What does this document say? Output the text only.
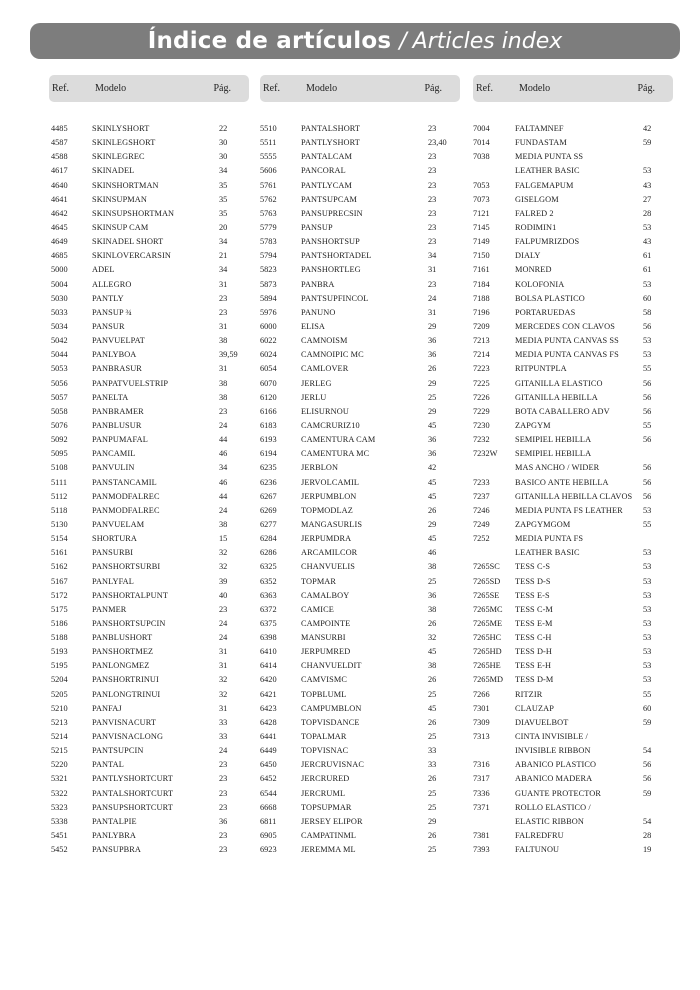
Índice de artículos / Articles index
Ref.	Modelo	Pág.
4485	SKINLYSHORT	22
4587	SKINLEGSHORT	30
4588	SKINLEGREC	30
4617	SKINADEL	34
4640	SKINSHORTMAN	35
4641	SKINSUPMAN	35
4642	SKINSUPSHORTMAN	35
4645	SKINSUP CAM	20
4649	SKINADEL SHORT	34
4685	SKINLOVERCARSIN	21
5000	ADEL	34
5004	ALLEGRO	31
5030	PANTLY	23
5033	PANSUP ¾	23
5034	PANSUR	31
5042	PANVUELPAT	38
5044	PANLYBOA	39,59
5053	PANBRASUR	31
5056	PANPATVUELSTRIP	38
5057	PANELTA	38
5058	PANBRAMER	23
5076	PANBLUSUR	24
5092	PANPUMAFAL	44
5095	PANCAMIL	46
5108	PANVULIN	34
5111	PANSTANCAMIL	46
5112	PANMODFALREC	44
5118	PANMODFALREC	24
5130	PANVUELAM	38
5154	SHORTURA	15
5161	PANSURBI	32
5162	PANSHORTSURBI	32
5167	PANLYFAL	39
5172	PANSHORTALPUNT	40
5175	PANMER	23
5186	PANSHORTSUPCIN	24
5188	PANBLUSHORT	24
5193	PANSHORTMEZ	31
5195	PANLONGMEZ	31
5204	PANSHORTRINUI	32
5205	PANLONGTRINUI	32
5210	PANFAJ	31
5213	PANVISNACURT	33
5214	PANVISNACLONG	33
5215	PANTSUPCIN	24
5220	PANTAL	23
5321	PANTLYSHORTCURT	23
5322	PANTALSHORTCURT	23
5323	PANSUPSHORTCURT	23
5338	PANTALPIE	36
5451	PANLYBRA	23
5452	PANSUPBRA	23
Ref.	Modelo	Pág.
5510	PANTALSHORT	23
5511	PANTLYSHORT	23,40
5555	PANTALCAM	23
5606	PANCORAL	23
5761	PANTLYCAM	23
5762	PANTSUPCAM	23
5763	PANSUPRECSIN	23
5779	PANSUP	23
5783	PANSHORTSUP	23
5794	PANTSHORTADEL	34
5823	PANSHORTLEG	31
5873	PANBRA	23
5894	PANTSUPFINCOL	24
5976	PANUNO	31
6000	ELISA	29
6022	CAMNOISM	36
6024	CAMNOIPIC MC	36
6054	CAMLOVER	26
6070	JERLEG	29
6120	JERLU	25
6166	ELISURNOU	29
6183	CAMCRURIZ10	45
6193	CAMENTURA CAM	36
6194	CAMENTURA MC	36
6235	JERBLON	42
6236	JERVOLCAMIL	45
6267	JERPUMBLON	45
6269	TOPMODLAZ	26
6277	MANGASURLIS	29
6284	JERPUMDRA	45
6286	ARCAMILCOR	46
6325	CHANVUELIS	38
6352	TOPMAR	25
6363	CAMALBOY	36
6372	CAMICE	38
6375	CAMPOINTE	26
6398	MANSURBI	32
6410	JERPUMRED	45
6414	CHANVUELDIT	38
6420	CAMVISMC	26
6421	TOPBLUML	25
6423	CAMPUMBLON	45
6428	TOPVISDANCE	26
6441	TOPALMAR	25
6449	TOPVISNAC	33
6450	JERCRUVISNAC	33
6452	JERCRURED	26
6544	JERCRUML	25
6668	TOPSUPMAR	25
6811	JERSEY ELIPOR	29
6905	CAMPATINML	26
6923	JEREMMA ML	25
Ref.	Modelo	Pág.
7004	FALTAMNEF	42
7014	FUNDASTAM	59
7038	MEDIA PUNTA SS
LEATHER BASIC	53
7053	FALGEMAPUM	43
7073	GISELGOM	27
7121	FALRED 2	28
7145	RODIMIN1	53
7149	FALPUMRIZDOS	43
7150	DIALY	61
7161	MONRED	61
7184	KOLOFONIA	53
7188	BOLSA PLASTICO	60
7196	PORTARUEDAS	58
7209	MERCEDES CON CLAVOS	56
7213	MEDIA PUNTA CANVAS SS	53
7214	MEDIA PUNTA CANVAS FS	53
7223	RITPUNTPLA	55
7225	GITANILLA ELASTICO	56
7226	GITANILLA HEBILLA	56
7229	BOTA CABALLERO ADV	56
7230	ZAPGYM	55
7232	SEMIPIEL HEBILLA	56
7232W SEMIPIEL HEBILLA
MAS ANCHO / WIDER	56
7233	BASICO ANTE HEBILLA	56
7237	GITANILLA HEBILLA CLAVOS 56
7246	MEDIA PUNTA FS LEATHER 53
7249	ZAPGYMGOM	55
7252	MEDIA PUNTA FS
LEATHER BASIC	53
7265SC TESS C-S	53
7265SD TESS D-S	53
7265SE TESS E-S	53
7265MC TESS C-M	53
7265ME TESS E-M	53
7265HC TESS C-H	53
7265HD TESS D-H	53
7265HE TESS E-H	53
7265MD TESS D-M	53
7266	RITZIR	55
7301	CLAUZAP	60
7309	DIAVUELBOT	59
7313	CINTA INVISIBLE /
INVISIBLE RIBBON	54
7316	ABANICO PLASTICO	56
7317	ABANICO MADERA	56
7336	GUANTE PROTECTOR	59
7371	ROLLO ELASTICO /
ELASTIC RIBBON	54
7381	FALREDFRU	28
7393	FALTUNOU	19
